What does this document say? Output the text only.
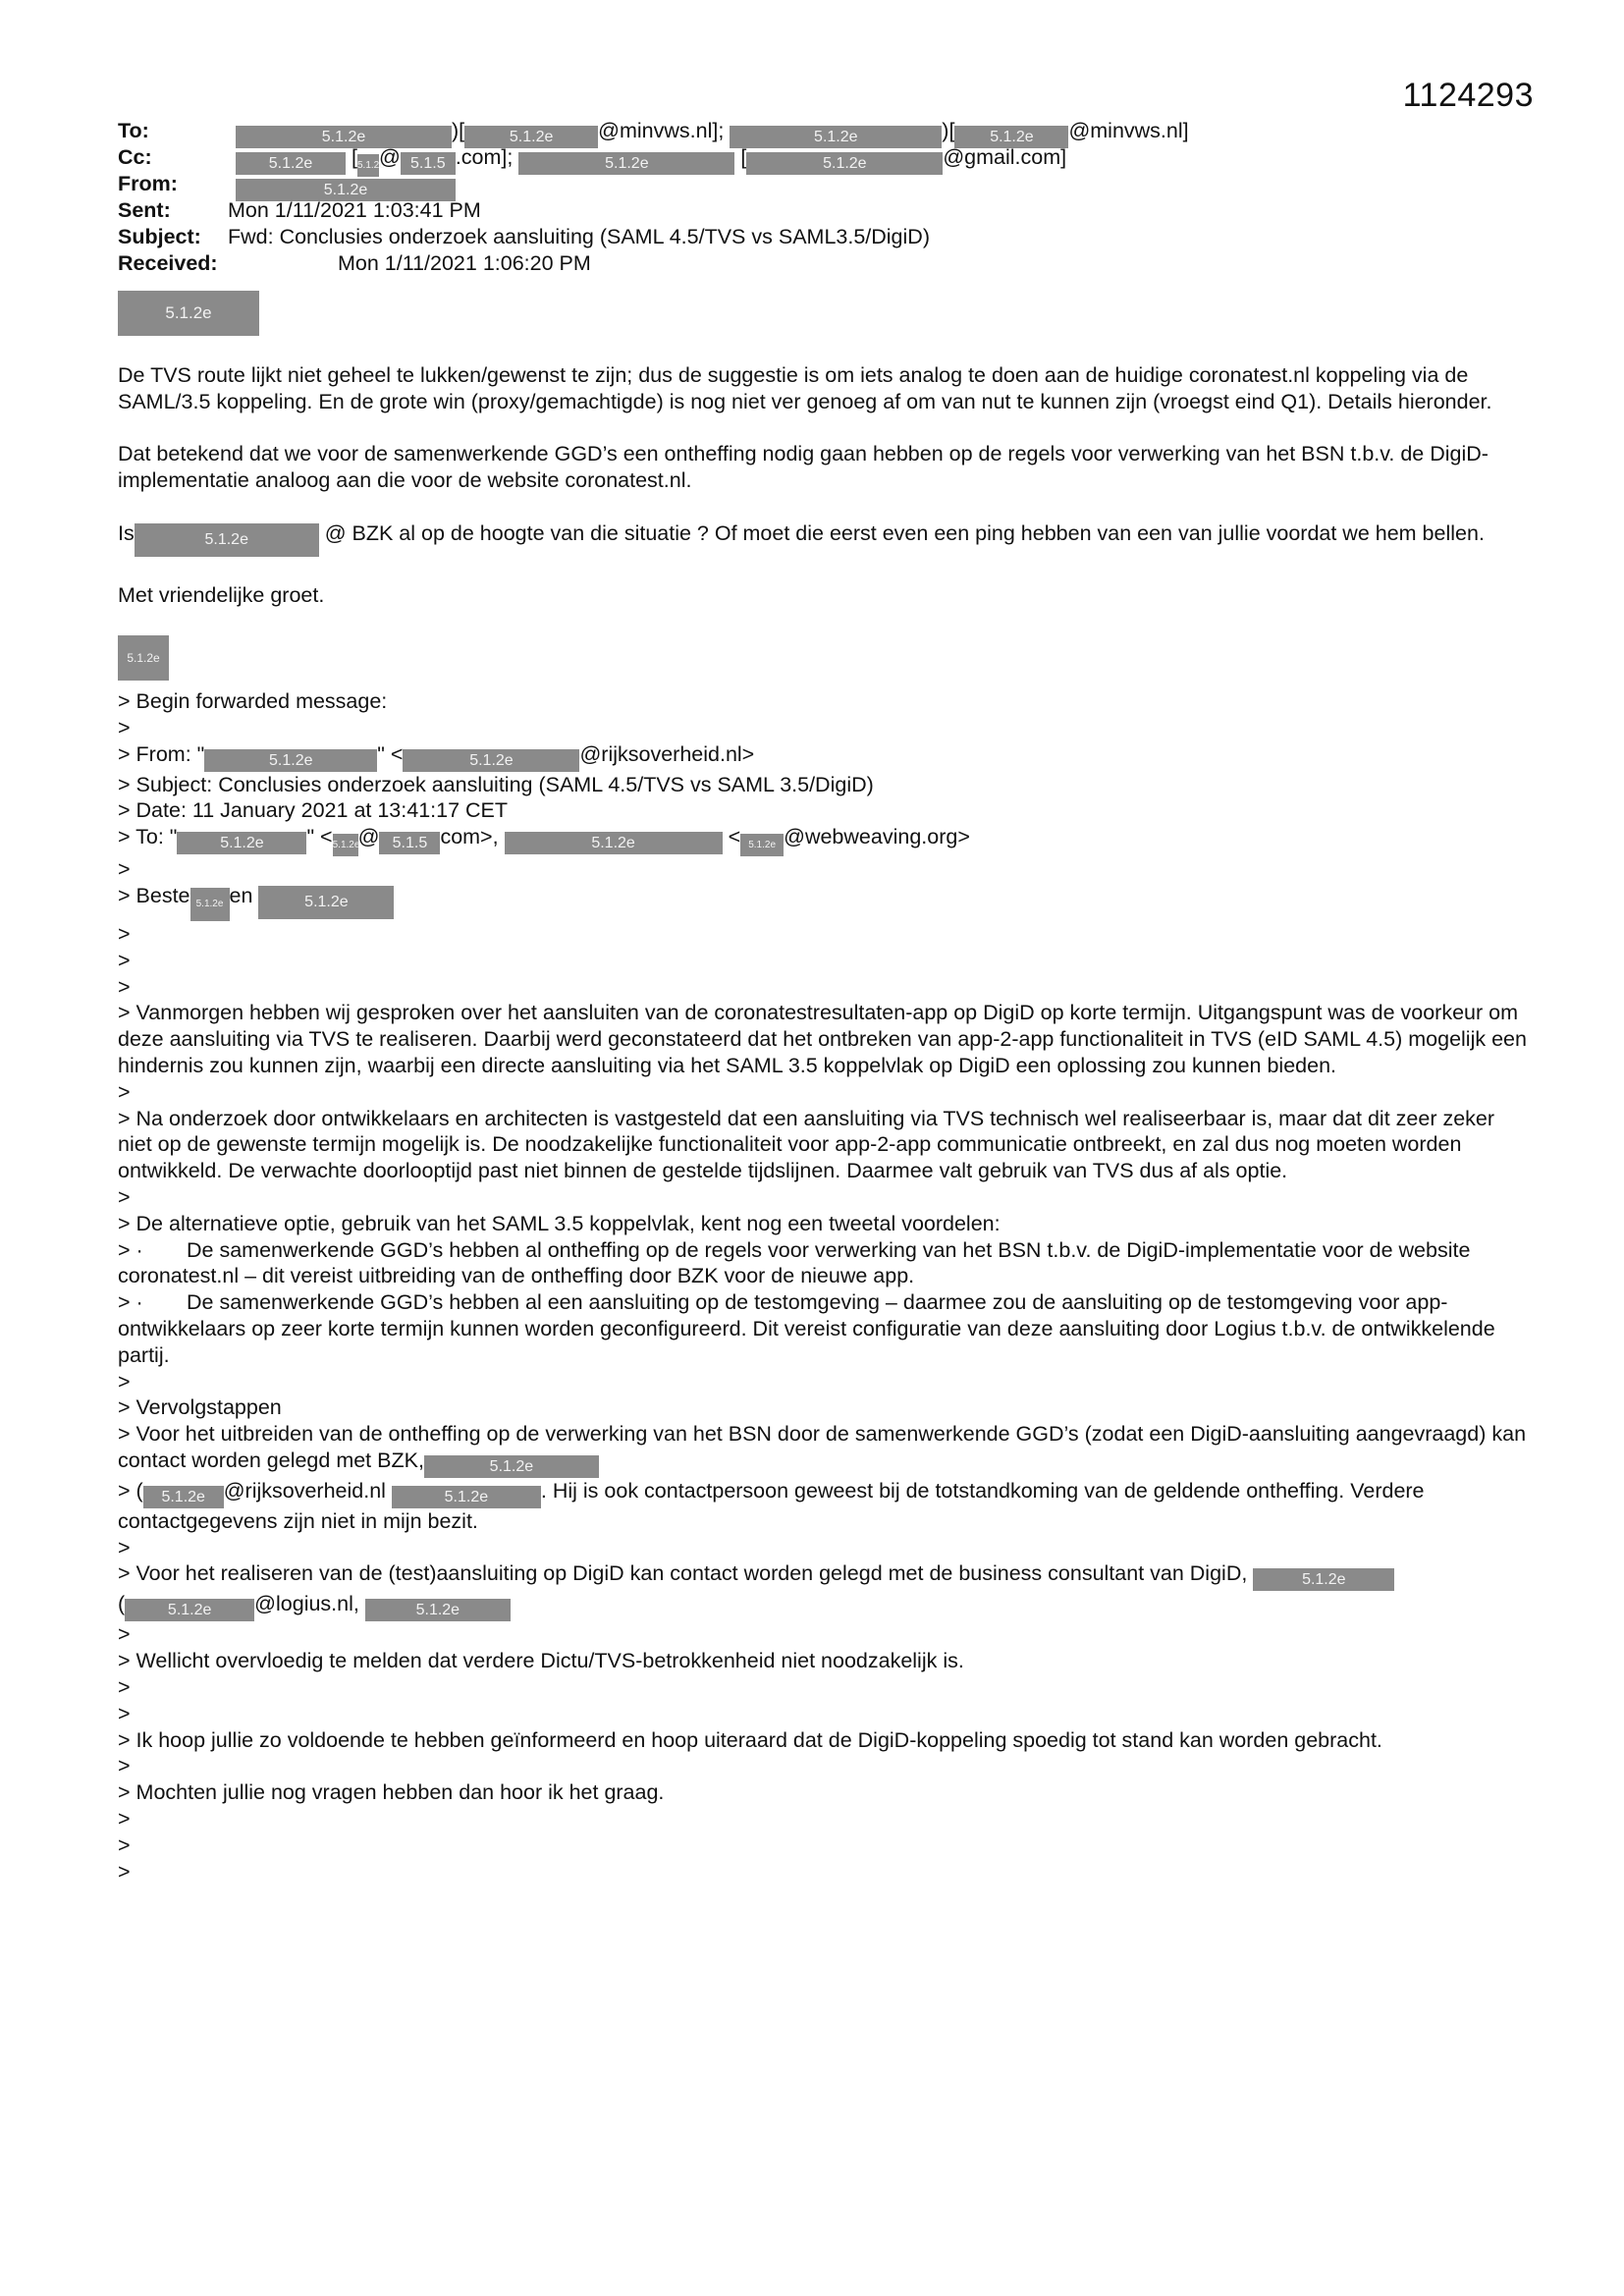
1124293
To:	5.1.2e	)[	5.1.2e @minvws.nl];	5.1.2e	)[ 5.1.2e @minvws.nl]
Cc:	5.1.2e [5.1.2e@ 5.1.5 .com];	5.1.2e	[	5.1.2e	@gmail.com]
From:	5.1.2e
Sent:	Mon 1/11/2021 1:03:41 PM
Subject: Fwd: Conclusies onderzoek aansluiting (SAML 4.5/TVS vs SAML3.5/DigiD)
Received:	Mon 1/11/2021 1:06:20 PM

5.1.2e

De TVS route lijkt niet geheel te lukken/gewenst te zijn; dus de suggestie is om iets analog te doen aan de huidige coronatest.nl koppeling via de SAML/3.5 koppeling. En de grote win (proxy/gemachtigde) is nog niet ver genoeg af om van nut te kunnen zijn (vroegst eind Q1). Details hieronder.

Dat betekend dat we voor de samenwerkende GGD’s een ontheffing nodig gaan hebben op de regels voor verwerking van het BSN t.b.v. de DigiD-implementatie analoog aan die voor de website coronatest.nl.

Is	5.1.2e	@ BZK al op de hoogte van die situatie ? Of moet die eerst even een ping hebben van een van jullie voordat we hem bellen.

Met vriendelijke groet.

5.1.2e

> Begin forwarded message:

>

> From: "	5.1.2e	" <	5.1.2e	@rijksoverheid.nl>

> Subject: Conclusies onderzoek aansluiting (SAML 4.5/TVS vs SAML 3.5/DigiD)

> Date: 11 January 2021 at 13:41:17 CET

> To: "	5.1.2e " <5.1.2e@ 5.1.5 com>,	5.1.2e	< 5.1.2e @webweaving.org>

>

> Beste 5.1.2e en	5.1.2e

>

>

>

> Vanmorgen hebben wij gesproken over het aansluiten van de coronatestresultaten-app op DigiD op korte termijn. Uitgangspunt was de voorkeur om deze aansluiting via TVS te realiseren. Daarbij werd geconstateerd dat het ontbreken van app-2-app functionaliteit in TVS (eID SAML 4.5) mogelijk een hindernis zou kunnen zijn, waarbij een directe aansluiting via het SAML 3.5 koppelvlak op DigiD een oplossing zou kunnen bieden.

>

> Na onderzoek door ontwikkelaars en architecten is vastgesteld dat een aansluiting via TVS technisch wel realiseerbaar is, maar dat dit zeer zeker niet op de gewenste termijn mogelijk is. De noodzakelijke functionaliteit voor app-2-app communicatie ontbreekt, en zal dus nog moeten worden ontwikkeld. De verwachte doorlooptijd past niet binnen de gestelde tijdslijnen. Daarmee valt gebruik van TVS dus af als optie.

>

> De alternatieve optie, gebruik van het SAML 3.5 koppelvlak, kent nog een tweetal voordelen:

> · De samenwerkende GGD’s hebben al ontheffing op de regels voor verwerking van het BSN t.b.v. de DigiD-implementatie voor de website coronatest.nl – dit vereist uitbreiding van de ontheffing door BZK voor de nieuwe app.

> · De samenwerkende GGD’s hebben al een aansluiting op de testomgeving – daarmee zou de aansluiting op de testomgeving voor app-ontwikkelaars op zeer korte termijn kunnen worden geconfigureerd. Dit vereist configuratie van deze aansluiting door Logius t.b.v. de ontwikkelende partij.

>

> Vervolgstappen

> Voor het uitbreiden van de ontheffing op de verwerking van het BSN door de samenwerkende GGD’s (zodat een DigiD-aansluiting aangevraagd) kan contact worden gelegd met BZK,	5.1.2e

> ( 5.1.2e @rijksoverheid.nl	5.1.2e	. Hij is ook contactpersoon geweest bij de totstandkoming van de geldende ontheffing. Verdere contactgegevens zijn niet in mijn bezit.

>

> Voor het realiseren van de (test)aansluiting op DigiD kan contact worden gelegd met de business consultant van DigiD,	5.1.2e

(	5.1.2e @logius.nl,	5.1.2e

>

> Wellicht overvloedig te melden dat verdere Dictu/TVS-betrokkenheid niet noodzakelijk is.

>

>

> Ik hoop jullie zo voldoende te hebben geïnformeerd en hoop uiteraard dat de DigiD-koppeling spoedig tot stand kan worden gebracht.

>

> Mochten jullie nog vragen hebben dan hoor ik het graag.

>

>

>
